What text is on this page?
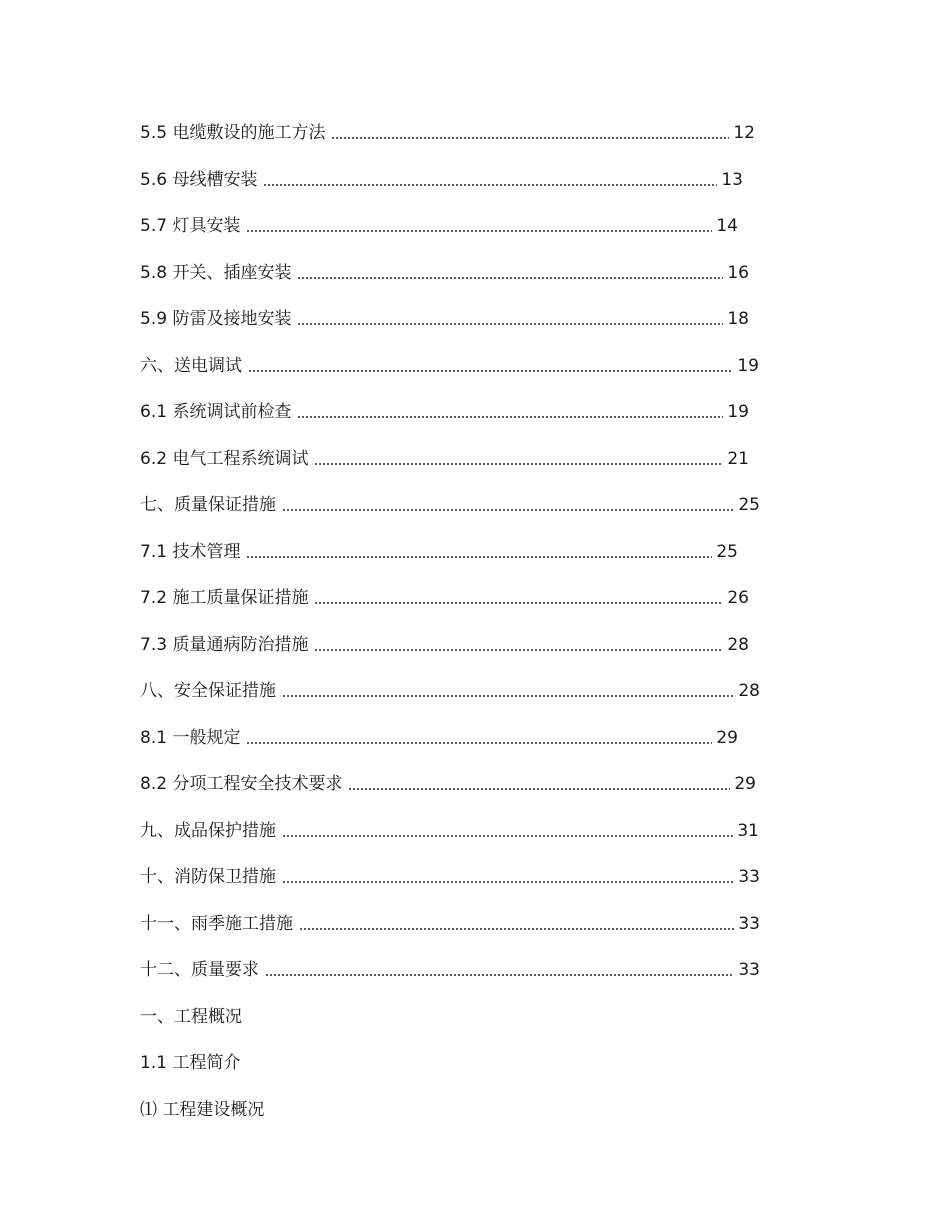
5.5 电缆敷设的施工方法	12
5.6 母线槽安装	13
5.7 灯具安装	14
5.8 开关、插座安装	16
5.9 防雷及接地安装	18
六、送电调试	19
6.1 系统调试前检查	19
6.2 电气工程系统调试	21
七、质量保证措施	25
7.1 技术管理	25
7.2 施工质量保证措施	26
7.3 质量通病防治措施	28
八、安全保证措施	28
8.1 一般规定	29
8.2 分项工程安全技术要求	29
九、成品保护措施	31
十、消防保卫措施	33
十一、雨季施工措施	33
十二、质量要求	33
一、工程概况
1.1 工程简介
⑴ 工程建设概况
